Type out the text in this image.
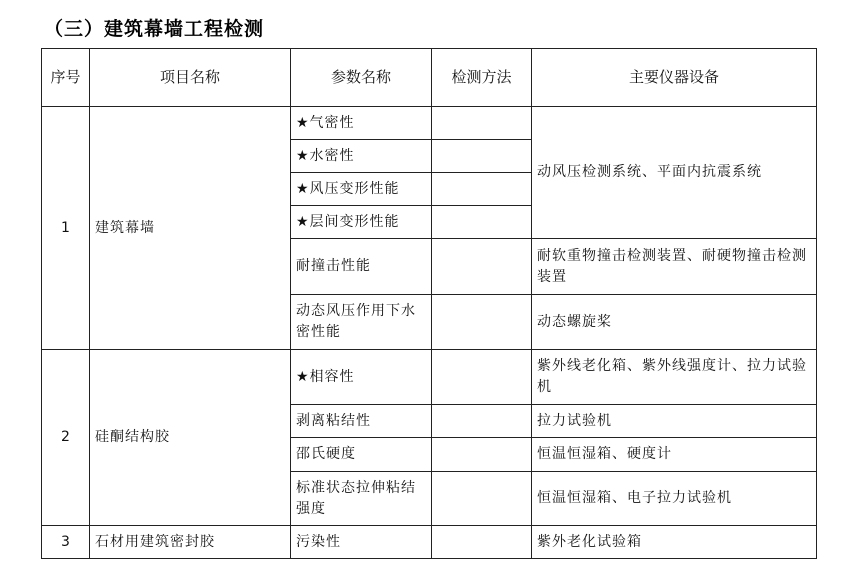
（三）建筑幕墙工程检测
序号	项目名称	参数名称	检测方法	主要仪器设备
1	建筑幕墙	★气密性		动风压检测系统、平面内抗震系统
		★水密性		
		★风压变形性能		
		★层间变形性能		
		耐撞击性能		耐软重物撞击检测装置、耐硬物撞击检测装置
		动态风压作用下水密性能		动态螺旋桨
2	硅酮结构胶	★相容性		紫外线老化箱、紫外线强度计、拉力试验机
		剥离粘结性		拉力试验机
		邵氏硬度		恒温恒湿箱、硬度计
		标准状态拉伸粘结强度		恒温恒湿箱、电子拉力试验机
3	石材用建筑密封胶	污染性		紫外老化试验箱
